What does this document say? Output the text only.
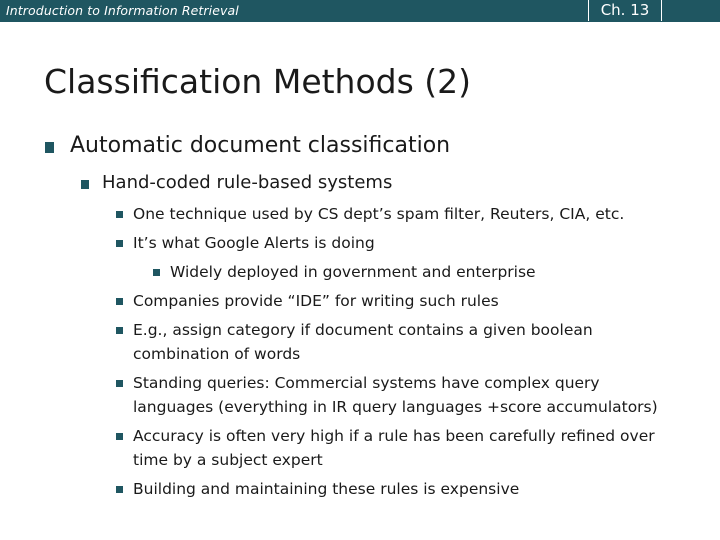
Introduction to Information Retrieval	Ch. 13
Classification Methods (2)
Automatic document classification
Hand-coded rule-based systems
One technique used by CS dept’s spam filter, Reuters, CIA, etc.
It’s what Google Alerts is doing
Widely deployed in government and enterprise
Companies provide “IDE” for writing such rules
E.g., assign category if document contains a given boolean
combination of words
Standing queries: Commercial systems have complex query
languages (everything in IR query languages +score accumulators)
Accuracy is often very high if a rule has been carefully refined over
time by a subject expert
Building and maintaining these rules is expensive
